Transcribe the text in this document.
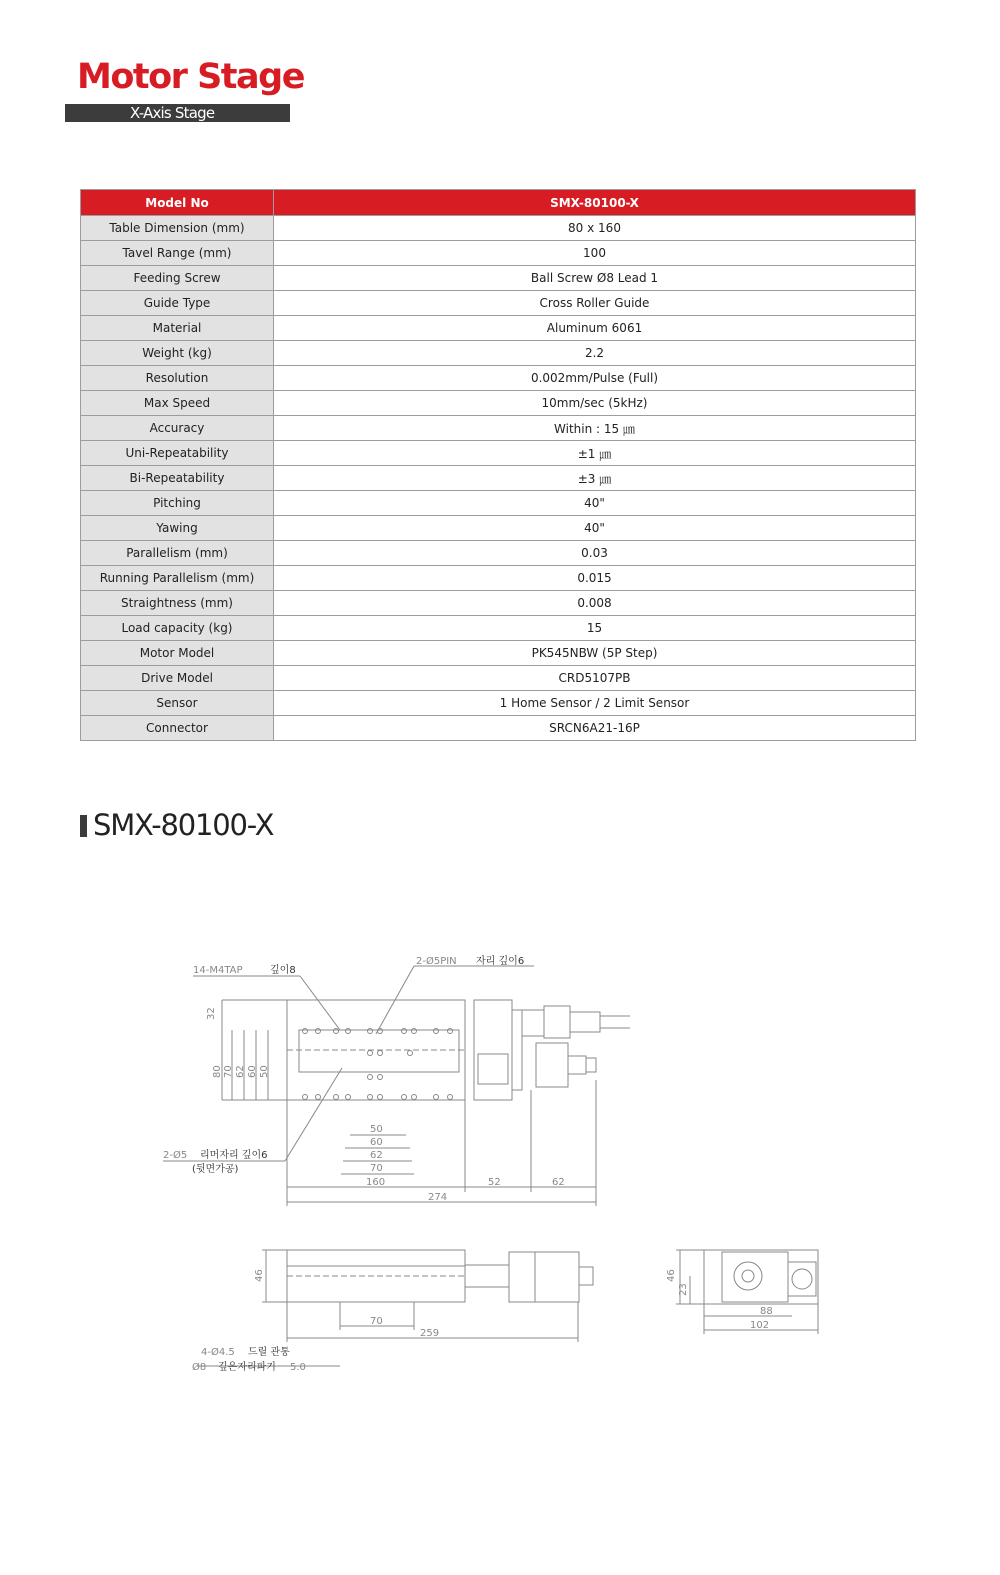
Motor Stage
X-Axis Stage
Model No	SMX-80100-X
Table Dimension (mm)	80 x 160
Tavel Range (mm)	100
Feeding Screw	Ball Screw Ø8 Lead 1
Guide Type	Cross Roller Guide
Material	Aluminum 6061
Weight (kg)	2.2
Resolution	0.002mm/Pulse (Full)
Max Speed	10mm/sec (5kHz)
Accuracy	Within : 15 ㎛
Uni-Repeatability	±1 ㎛
Bi-Repeatability	±3 ㎛
Pitching	40"
Yawing	40"
Parallelism (mm)	0.03
Running Parallelism (mm)	0.015
Straightness (mm)	0.008
Load capacity (kg)	15
Motor Model	PK545NBW (5P Step)
Drive Model	CRD5107PB
Sensor	1 Home Sensor / 2 Limit Sensor
Connector	SRCN6A21-16P
SMX-80100-X
14-M4TAP	깊이8
2-Ø5PIN 자리 깊이6
2-Ø5 리머자리 깊이6
(뒷면가공)
32
80 70 62 60 50
50
60
62
70
160
274
52	62
46
70
259
4-Ø4.5 드릴 관통
Ø8 깊은자리파기 5.0
46
23
88
102
